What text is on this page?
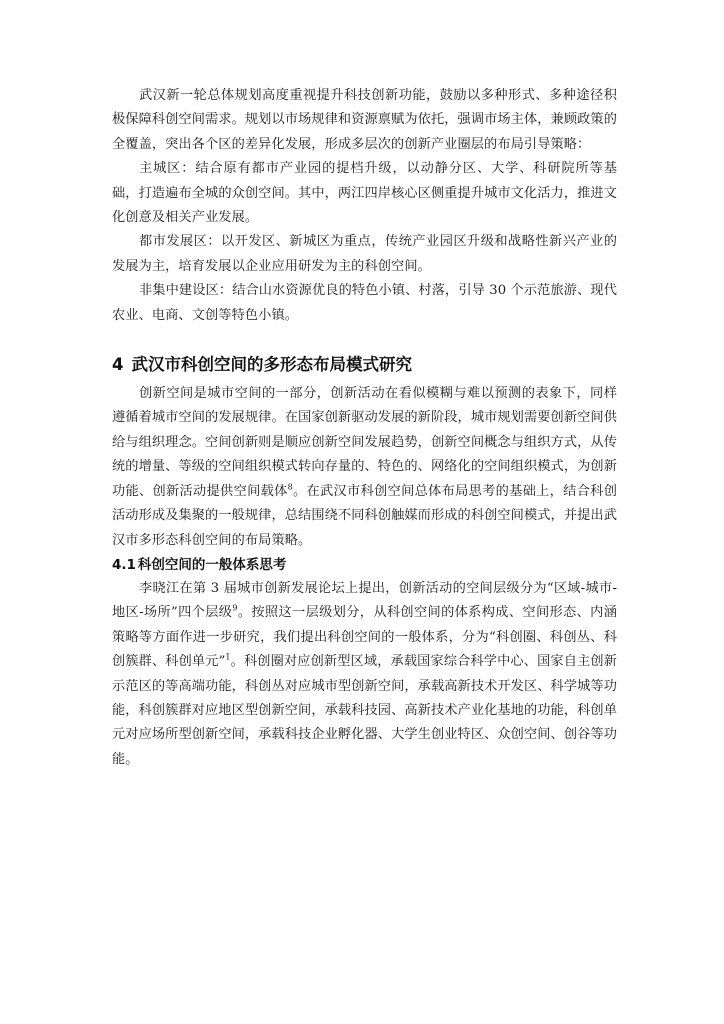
武汉新一轮总体规划高度重视提升科技创新功能，鼓励以多种形式、多种途径积极保障科创空间需求。规划以市场规律和资源禀赋为依托，强调市场主体，兼顾政策的全覆盖，突出各个区的差异化发展，形成多层次的创新产业圈层的布局引导策略：

主城区：结合原有都市产业园的提档升级，以动静分区、大学、科研院所等基础，打造遍布全城的众创空间。其中，两江四岸核心区侧重提升城市文化活力，推进文化创意及相关产业发展。

都市发展区：以开发区、新城区为重点，传统产业园区升级和战略性新兴产业的发展为主，培育发展以企业应用研发为主的科创空间。

非集中建设区：结合山水资源优良的特色小镇、村落，引导 30 个示范旅游、现代农业、电商、文创等特色小镇。

4 武汉市科创空间的多形态布局模式研究

创新空间是城市空间的一部分，创新活动在看似模糊与难以预测的表象下，同样遵循着城市空间的发展规律。在国家创新驱动发展的新阶段，城市规划需要创新空间供给与组织理念。空间创新则是顺应创新空间发展趋势，创新空间概念与组织方式，从传统的增量、等级的空间组织模式转向存量的、特色的、网络化的空间组织模式，为创新功能、创新活动提供空间载体$^8$。在武汉市科创空间总体布局思考的基础上，结合科创活动形成及集聚的一般规律，总结围绕不同科创触媒而形成的科创空间模式，并提出武汉市多形态科创空间的布局策略。

4.1 科创空间的一般体系思考

李晓江在第 3 届城市创新发展论坛上提出，创新活动的空间层级分为“区域-城市-地区-场所”四个层级$^9$。按照这一层级划分，从科创空间的体系构成、空间形态、内涵策略等方面作进一步研究，我们提出科创空间的一般体系，分为“科创圈、科创丛、科创簇群、科创单元”$^1$。科创圈对应创新型区域，承载国家综合科学中心、国家自主创新示范区的等高端功能，科创丛对应城市型创新空间，承载高新技术开发区、科学城等功能，科创簇群对应地区型创新空间，承载科技园、高新技术产业化基地的功能，科创单元对应场所型创新空间，承载科技企业孵化器、大学生创业特区、众创空间、创谷等功能。
